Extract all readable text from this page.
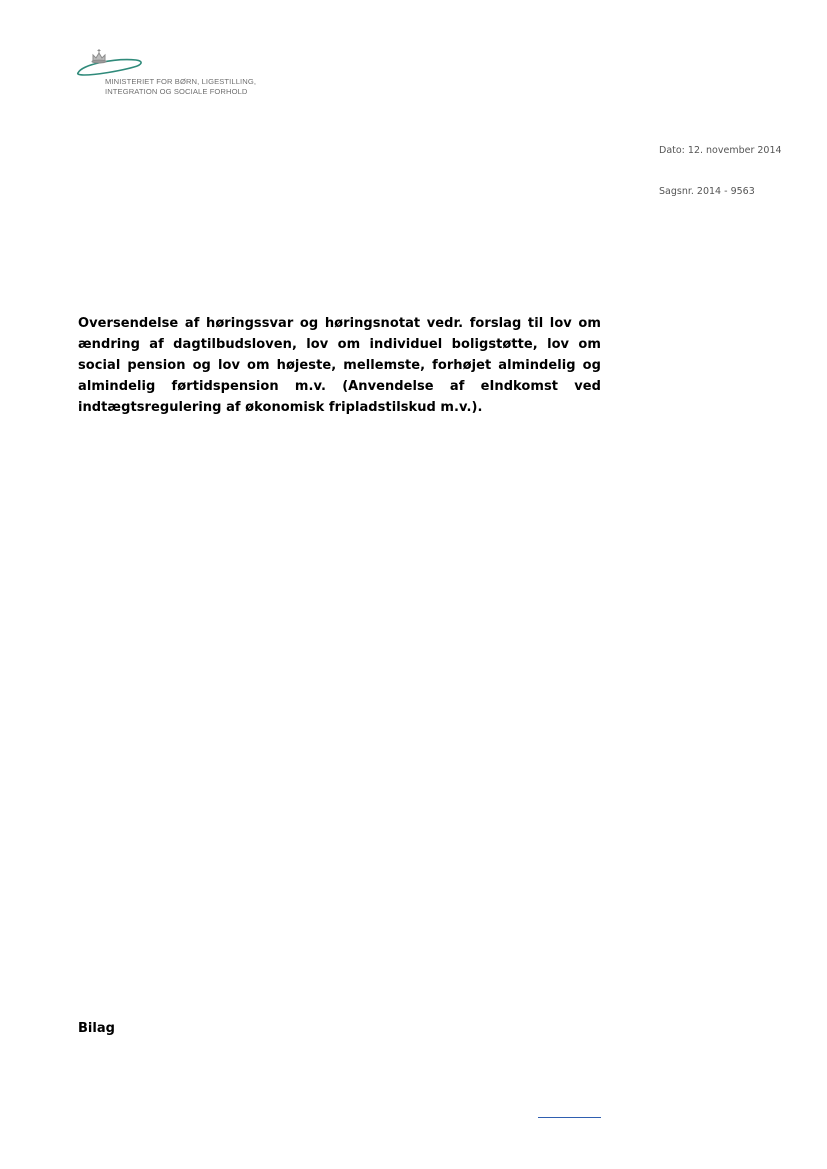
MINISTERIET FOR BØRN, LIGESTILLING,
INTEGRATION OG SOCIALE FORHOLD
Dato: 12. november 2014
Sagsnr. 2014 - 9563

Oversendelse af høringssvar og høringsnotat vedr. forslag til lov om ændring af dagtilbudsloven, lov om individuel boligstøtte, lov om social pension og lov om højeste, mellemste, forhøjet almindelig og almindelig førtidspension m.v. (Anvendelse af eIndkomst ved indtægtsregulering af økonomisk fripladstilskud m.v.).

Bilag
